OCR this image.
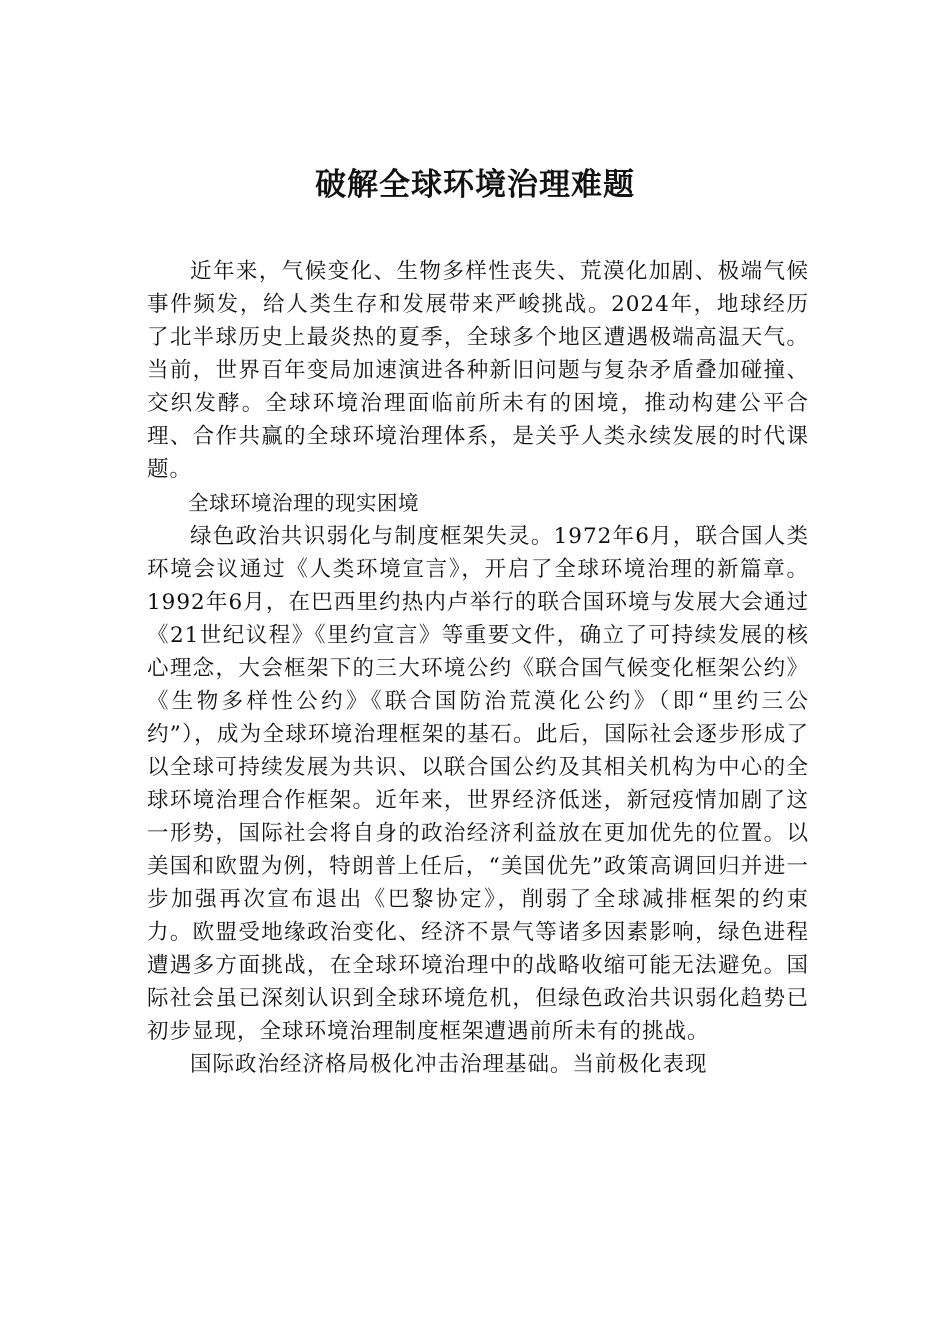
破解全球环境治理难题

近年来，气候变化、生物多样性丧失、荒漠化加剧、极端气候事件频发，给人类生存和发展带来严峻挑战。2024年，地球经历了北半球历史上最炎热的夏季，全球多个地区遭遇极端高温天气。当前，世界百年变局加速演进各种新旧问题与复杂矛盾叠加碰撞、交织发酵。全球环境治理面临前所未有的困境，推动构建公平合理、合作共赢的全球环境治理体系，是关乎人类永续发展的时代课题。

全球环境治理的现实困境

绿色政治共识弱化与制度框架失灵。1972年6月，联合国人类环境会议通过《人类环境宣言》，开启了全球环境治理的新篇章。1992年6月，在巴西里约热内卢举行的联合国环境与发展大会通过《21世纪议程》《里约宣言》等重要文件，确立了可持续发展的核心理念，大会框架下的三大环境公约《联合国气候变化框架公约》《生物多样性公约》《联合国防治荒漠化公约》（即“里约三公约”），成为全球环境治理框架的基石。此后，国际社会逐步形成了以全球可持续发展为共识、以联合国公约及其相关机构为中心的全球环境治理合作框架。近年来，世界经济低迷，新冠疫情加剧了这一形势，国际社会将自身的政治经济利益放在更加优先的位置。以美国和欧盟为例，特朗普上任后，“美国优先”政策高调回归并进一步加强再次宣布退出《巴黎协定》，削弱了全球减排框架的约束力。欧盟受地缘政治变化、经济不景气等诸多因素影响，绿色进程遭遇多方面挑战，在全球环境治理中的战略收缩可能无法避免。国际社会虽已深刻认识到全球环境危机，但绿色政治共识弱化趋势已初步显现，全球环境治理制度框架遭遇前所未有的挑战。

国际政治经济格局极化冲击治理基础。当前极化表现
